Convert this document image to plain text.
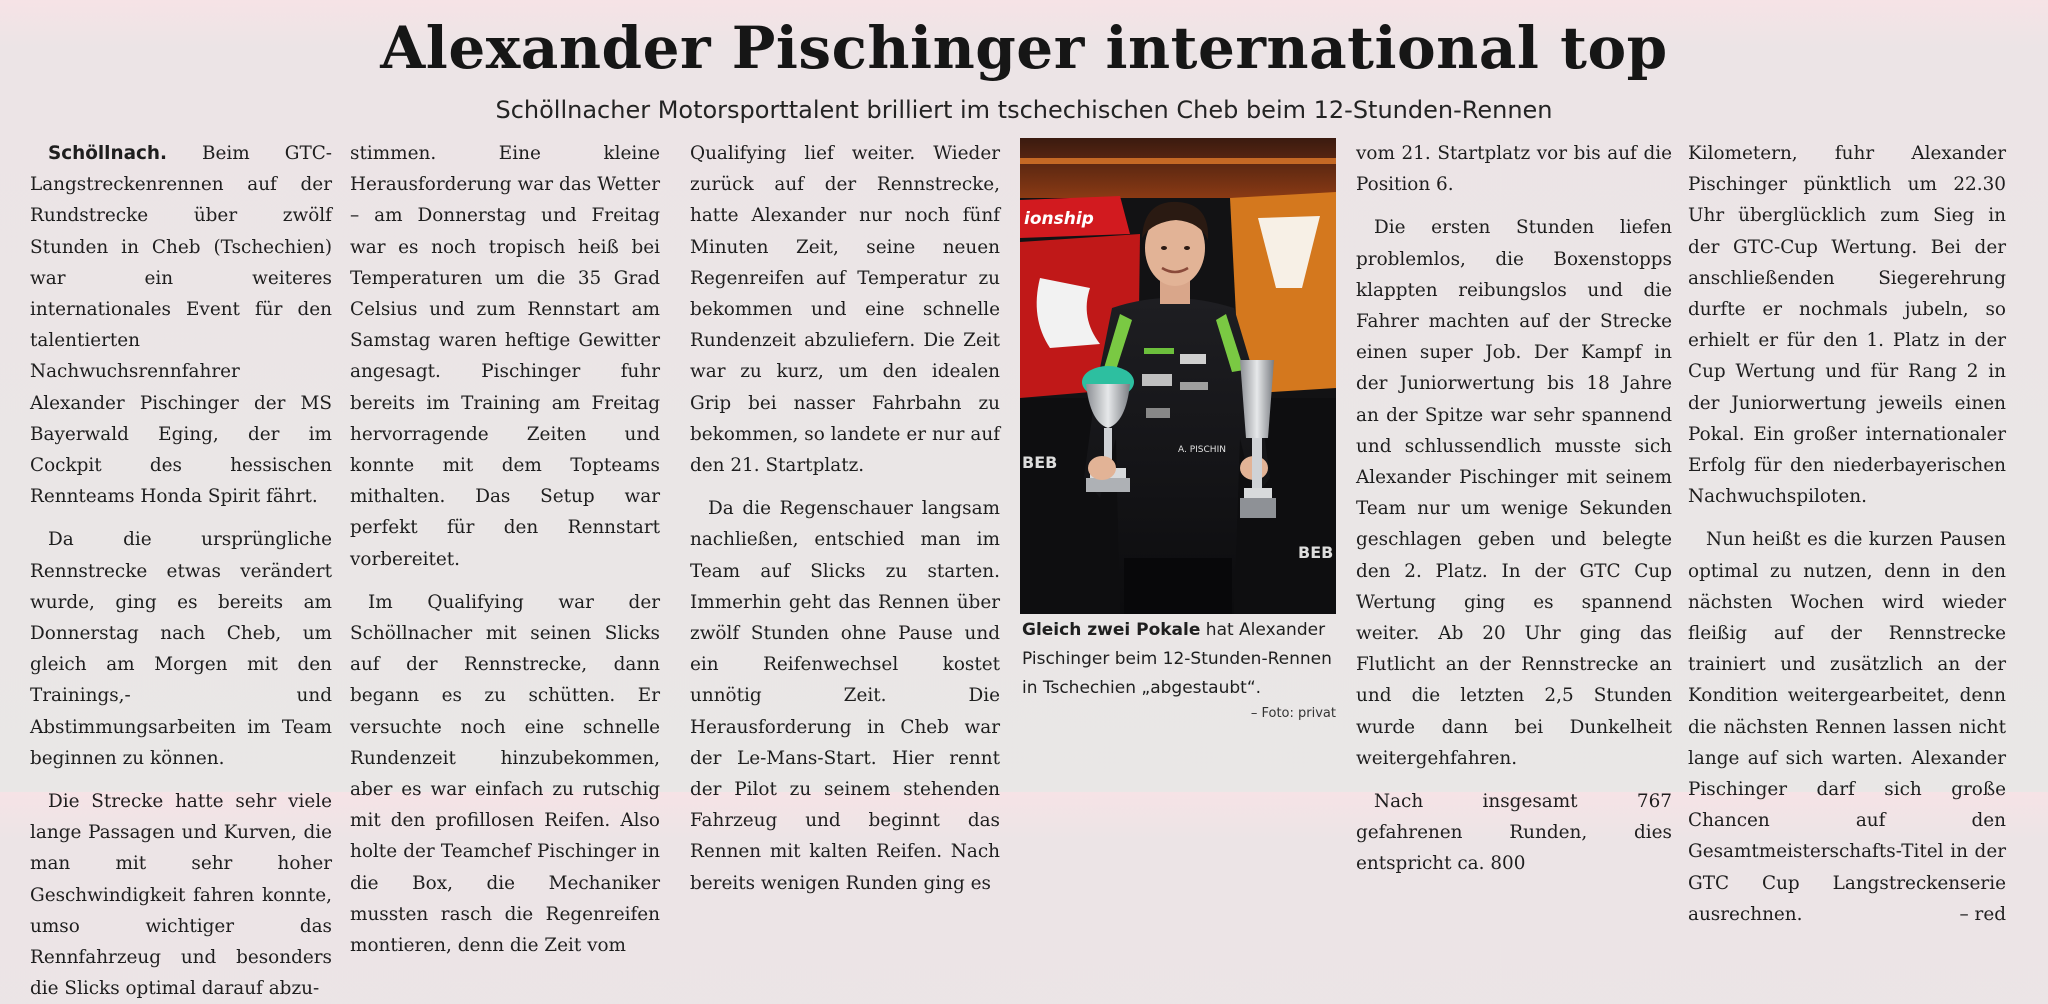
Alexander Pischinger international top
Schöllnacher Motorsporttalent brilliert im tschechischen Cheb beim 12-Stunden-Rennen

Schöllnach. Beim GTC-Langstreckenrennen auf der Rundstrecke über zwölf Stunden in Cheb (Tschechien) war ein weiteres internationales Event für den talentierten Nachwuchsrennfahrer Alexander Pischinger der MS Bayerwald Eging, der im Cockpit des hessischen Rennteams Honda Spirit fährt.

Da die ursprüngliche Rennstrecke etwas verändert wurde, ging es bereits am Donnerstag nach Cheb, um gleich am Morgen mit den Trainings,- und Abstimmungsarbeiten im Team beginnen zu können.

Die Strecke hatte sehr viele lange Passagen und Kurven, die man mit sehr hoher Geschwindigkeit fahren konnte, umso wichtiger das Rennfahrzeug und besonders die Slicks optimal darauf abzu-

stimmen. Eine kleine Herausforderung war das Wetter – am Donnerstag und Freitag war es noch tropisch heiß bei Temperaturen um die 35 Grad Celsius und zum Rennstart am Samstag waren heftige Gewitter angesagt. Pischinger fuhr bereits im Training am Freitag hervorragende Zeiten und konnte mit dem Topteams mithalten. Das Setup war perfekt für den Rennstart vorbereitet.

Im Qualifying war der Schöllnacher mit seinen Slicks auf der Rennstrecke, dann begann es zu schütten. Er versuchte noch eine schnelle Rundenzeit hinzubekommen, aber es war einfach zu rutschig mit den profillosen Reifen. Also holte der Teamchef Pischinger in die Box, die Mechaniker mussten rasch die Regenreifen montieren, denn die Zeit vom

Qualifying lief weiter. Wieder zurück auf der Rennstrecke, hatte Alexander nur noch fünf Minuten Zeit, seine neuen Regenreifen auf Temperatur zu bekommen und eine schnelle Rundenzeit abzuliefern. Die Zeit war zu kurz, um den idealen Grip bei nasser Fahrbahn zu bekommen, so landete er nur auf den 21. Startplatz.

Da die Regenschauer langsam nachließen, entschied man im Team auf Slicks zu starten. Immerhin geht das Rennen über zwölf Stunden ohne Pause und ein Reifenwechsel kostet unnötig Zeit. Die Herausforderung in Cheb war der Le-Mans-Start. Hier rennt der Pilot zu seinem stehenden Fahrzeug und beginnt das Rennen mit kalten Reifen. Nach bereits wenigen Runden ging es

ionship
BEB
BEB
A. PISCHIN
Gleich zwei Pokale hat Alexander Pischinger beim 12-Stunden-Rennen in Tschechien „abgestaubt“.
– Foto: privat

vom 21. Startplatz vor bis auf die Position 6.

Die ersten Stunden liefen problemlos, die Boxenstopps klappten reibungslos und die Fahrer machten auf der Strecke einen super Job. Der Kampf in der Juniorwertung bis 18 Jahre an der Spitze war sehr spannend und schlussendlich musste sich Alexander Pischinger mit seinem Team nur um wenige Sekunden geschlagen geben und belegte den 2. Platz. In der GTC Cup Wertung ging es spannend weiter. Ab 20 Uhr ging das Flutlicht an der Rennstrecke an und die letzten 2,5 Stunden wurde dann bei Dunkelheit weitergehfahren.

Nach insgesamt 767 gefahrenen Runden, dies entspricht ca. 800

Kilometern, fuhr Alexander Pischinger pünktlich um 22.30 Uhr überglücklich zum Sieg in der GTC-Cup Wertung. Bei der anschließenden Siegerehrung durfte er nochmals jubeln, so erhielt er für den 1. Platz in der Cup Wertung und für Rang 2 in der Juniorwertung jeweils einen Pokal. Ein großer internationaler Erfolg für den niederbayerischen Nachwuchspiloten.

Nun heißt es die kurzen Pausen optimal zu nutzen, denn in den nächsten Wochen wird wieder fleißig auf der Rennstrecke trainiert und zusätzlich an der Kondition weitergearbeitet, denn die nächsten Rennen lassen nicht lange auf sich warten. Alexander Pischinger darf sich große Chancen auf den Gesamtmeisterschafts-Titel in der GTC Cup Langstreckenserie ausrechnen.	– red
